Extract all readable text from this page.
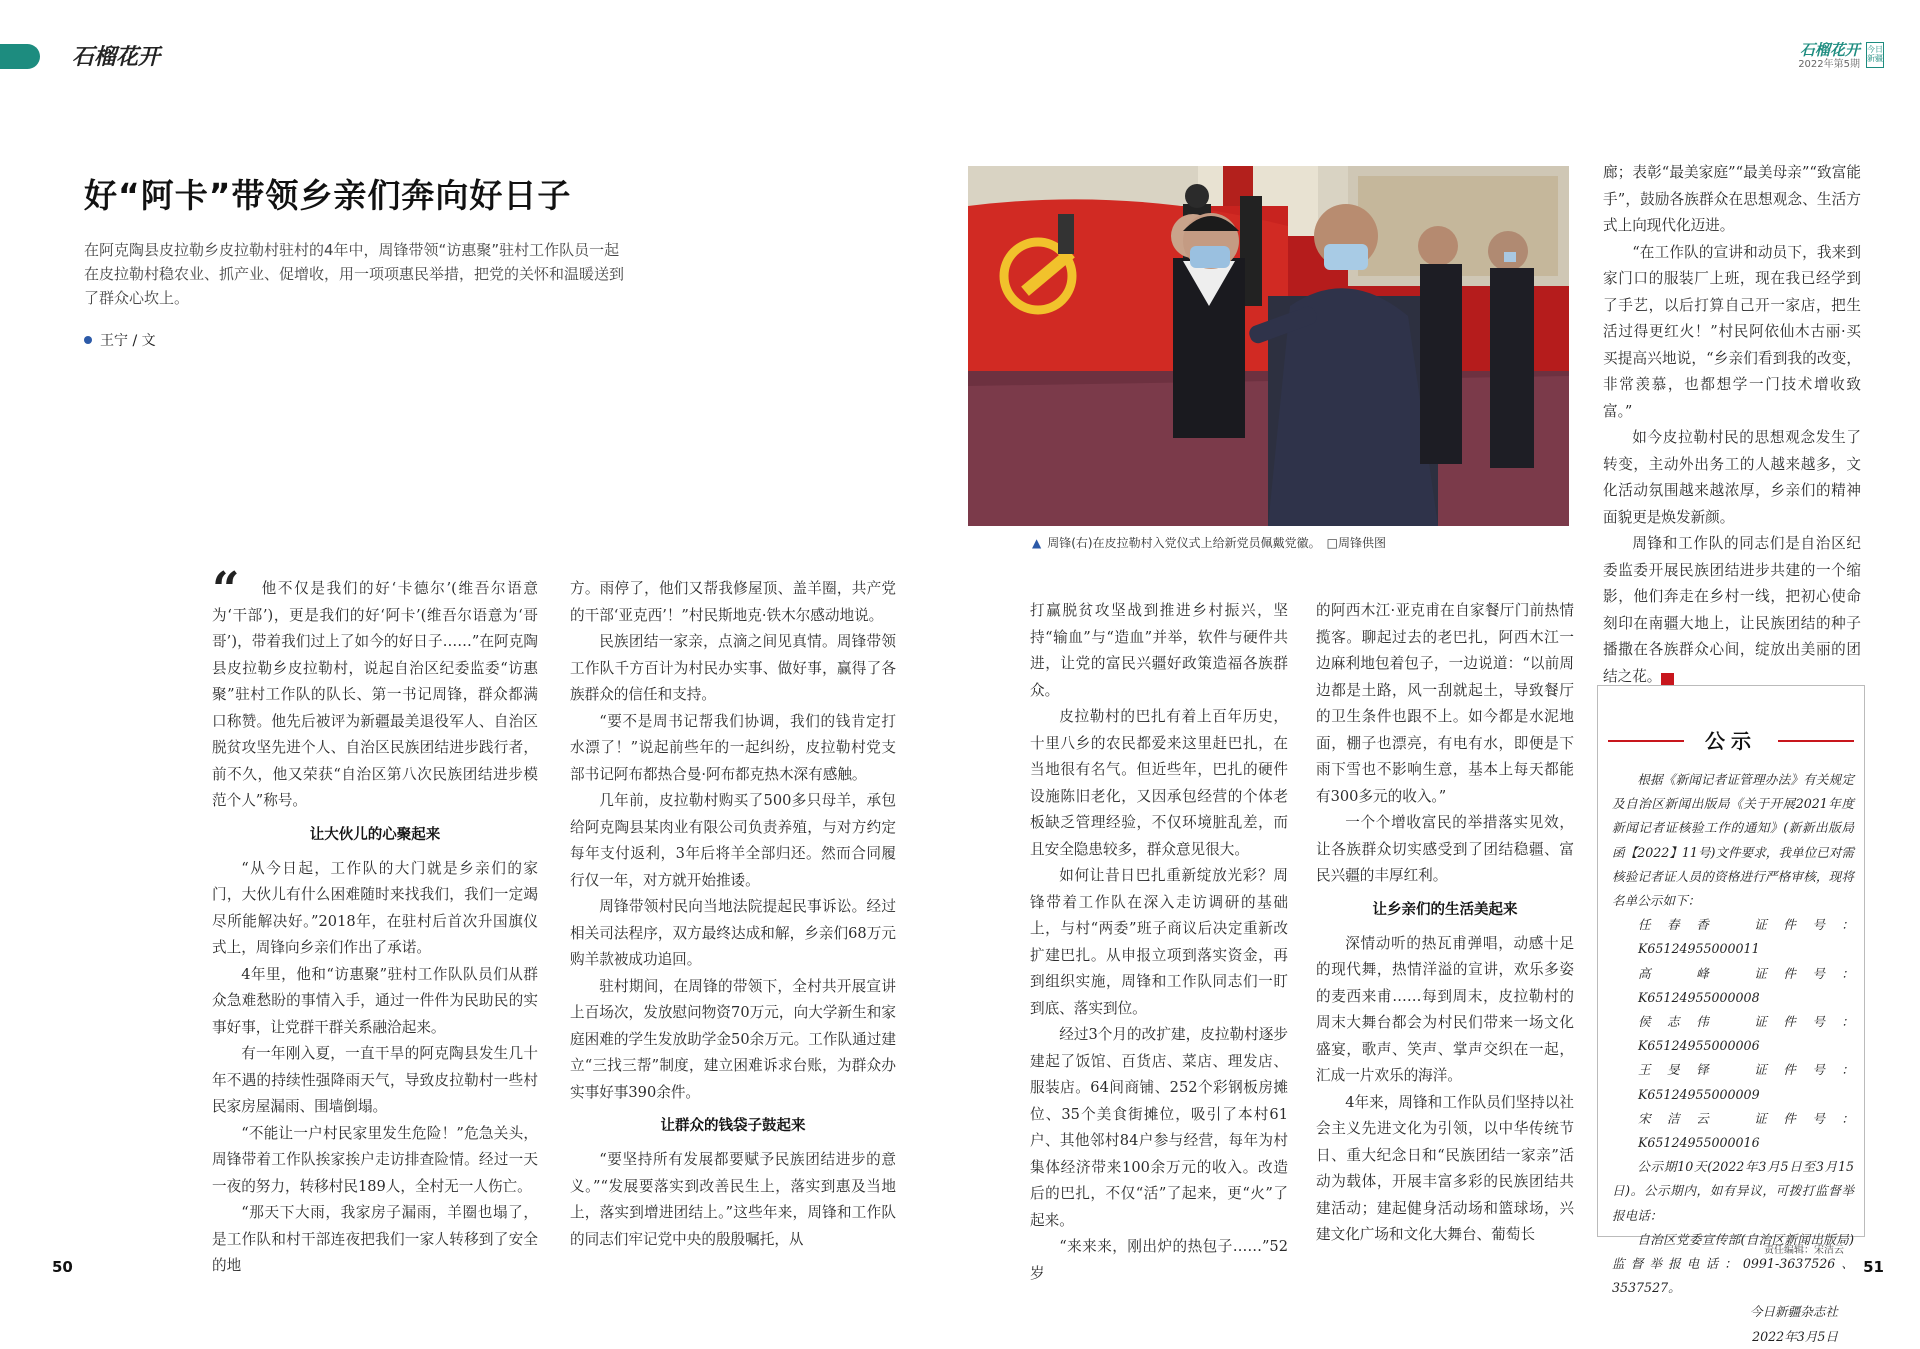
石榴花开	石榴花开
2022年第5期
今日新疆
好“阿卡”带领乡亲们奔向好日子
在阿克陶县皮拉勒乡皮拉勒村驻村的4年中，周锋带领“访惠聚”驻村工作队员一起在皮拉勒村稳农业、抓产业、促增收，用一项项惠民举措，把党的关怀和温暖送到了群众心坎上。
王宁 / 文
▲ 周锋(右)在皮拉勒村入党仪式上给新党员佩戴党徽。　□周锋供图
“	他不仅是我们的好‘卡德尔’(维吾尔语意为‘干部’)，更是我们的好‘阿卡’(维吾尔语意为‘哥哥’)，带着我们过上了如今的好日子……”在阿克陶县皮拉勒乡皮拉勒村，说起自治区纪委监委“访惠聚”驻村工作队的队长、第一书记周锋，群众都满口称赞。他先后被评为新疆最美退役军人、自治区脱贫攻坚先进个人、自治区民族团结进步践行者，前不久，他又荣获“自治区第八次民族团结进步模范个人”称号。

让大伙儿的心聚起来

“从今日起，工作队的大门就是乡亲们的家门，大伙儿有什么困难随时来找我们，我们一定竭尽所能解决好。”2018年，在驻村后首次升国旗仪式上，周锋向乡亲们作出了承诺。

4年里，他和“访惠聚”驻村工作队队员们从群众急难愁盼的事情入手，通过一件件为民助民的实事好事，让党群干群关系融洽起来。

有一年刚入夏，一直干旱的阿克陶县发生几十年不遇的持续性强降雨天气，导致皮拉勒村一些村民家房屋漏雨、围墙倒塌。

“不能让一户村民家里发生危险！”危急关头，周锋带着工作队挨家挨户走访排查险情。经过一天一夜的努力，转移村民189人，全村无一人伤亡。

“那天下大雨，我家房子漏雨，羊圈也塌了，是工作队和村干部连夜把我们一家人转移到了安全的地

方。雨停了，他们又帮我修屋顶、盖羊圈，共产党的干部‘亚克西’！”村民斯地克·铁木尔感动地说。

民族团结一家亲，点滴之间见真情。周锋带领工作队千方百计为村民办实事、做好事，赢得了各族群众的信任和支持。

“要不是周书记帮我们协调，我们的钱肯定打水漂了！”说起前些年的一起纠纷，皮拉勒村党支部书记阿布都热合曼·阿布都克热木深有感触。

几年前，皮拉勒村购买了500多只母羊，承包给阿克陶县某肉业有限公司负责养殖，与对方约定每年支付返利，3年后将羊全部归还。然而合同履行仅一年，对方就开始推诿。

周锋带领村民向当地法院提起民事诉讼。经过相关司法程序，双方最终达成和解，乡亲们68万元购羊款被成功追回。

驻村期间，在周锋的带领下，全村共开展宣讲上百场次，发放慰问物资70万元，向大学新生和家庭困难的学生发放助学金50余万元。工作队通过建立“三找三帮”制度，建立困难诉求台账，为群众办实事好事390余件。

让群众的钱袋子鼓起来

“要坚持所有发展都要赋予民族团结进步的意义。”“发展要落实到改善民生上，落实到惠及当地上，落实到增进团结上。”这些年来，周锋和工作队的同志们牢记党中央的殷殷嘱托，从

打赢脱贫攻坚战到推进乡村振兴，坚持“输血”与“造血”并举，软件与硬件共进，让党的富民兴疆好政策造福各族群众。

皮拉勒村的巴扎有着上百年历史，十里八乡的农民都爱来这里赶巴扎，在当地很有名气。但近些年，巴扎的硬件设施陈旧老化，又因承包经营的个体老板缺乏管理经验，不仅环境脏乱差，而且安全隐患较多，群众意见很大。

如何让昔日巴扎重新绽放光彩？周锋带着工作队在深入走访调研的基础上，与村“两委”班子商议后决定重新改扩建巴扎。从申报立项到落实资金，再到组织实施，周锋和工作队同志们一盯到底、落实到位。

经过3个月的改扩建，皮拉勒村逐步建起了饭馆、百货店、菜店、理发店、服装店。64间商铺、252个彩钢板房摊位、35个美食街摊位，吸引了本村61户、其他邻村84户参与经营，每年为村集体经济带来100余万元的收入。改造后的巴扎，不仅“活”了起来，更“火”了起来。

“来来来，刚出炉的热包子……”52岁

的阿西木江·亚克甫在自家餐厅门前热情揽客。聊起过去的老巴扎，阿西木江一边麻利地包着包子，一边说道：“以前周边都是土路，风一刮就起土，导致餐厅的卫生条件也跟不上。如今都是水泥地面，棚子也漂亮，有电有水，即便是下雨下雪也不影响生意，基本上每天都能有300多元的收入。”

一个个增收富民的举措落实见效，让各族群众切实感受到了团结稳疆、富民兴疆的丰厚红利。

让乡亲们的生活美起来

深情动听的热瓦甫弹唱，动感十足的现代舞，热情洋溢的宣讲，欢乐多姿的麦西来甫……每到周末，皮拉勒村的周末大舞台都会为村民们带来一场文化盛宴，歌声、笑声、掌声交织在一起，汇成一片欢乐的海洋。

4年来，周锋和工作队员们坚持以社会主义先进文化为引领，以中华传统节日、重大纪念日和“民族团结一家亲”活动为载体，开展丰富多彩的民族团结共建活动；建起健身活动场和篮球场，兴建文化广场和文化大舞台、葡萄长

廊；表彰“最美家庭”“最美母亲”“致富能手”，鼓励各族群众在思想观念、生活方式上向现代化迈进。

“在工作队的宣讲和动员下，我来到家门口的服装厂上班，现在我已经学到了手艺，以后打算自己开一家店，把生活过得更红火！”村民阿依仙木古丽·买买提高兴地说，“乡亲们看到我的改变，非常羡慕，也都想学一门技术增收致富。”

如今皮拉勒村民的思想观念发生了转变，主动外出务工的人越来越多，文化活动氛围越来越浓厚，乡亲们的精神面貌更是焕发新颜。

周锋和工作队的同志们是自治区纪委监委开展民族团结进步共建的一个缩影，他们奔走在乡村一线，把初心使命刻印在南疆大地上，让民族团结的种子播撒在各族群众心间，绽放出美丽的团结之花。	J

公示

根据《新闻记者证管理办法》有关规定及自治区新闻出版局《关于开展2021年度新闻记者证核验工作的通知》(新新出版局函【2022】11号)文件要求，我单位已对需核验记者证人员的资格进行严格审核，现将名单公示如下：

任春香　证件号：K65124955000011

高　峰　证件号：K65124955000008

侯志伟　证件号：K65124955000006

王旻铎　证件号：K65124955000009

宋洁云　证件号：K65124955000016

公示期10天(2022年3月5日至3月15日)。公示期内，如有异议，可拨打监督举报电话：

自治区党委宣传部(自治区新闻出版局)监督举报电话：0991-3637526、3537527。

今日新疆杂志社

2022年3月5日

50
责任编辑：宋洁云
51
